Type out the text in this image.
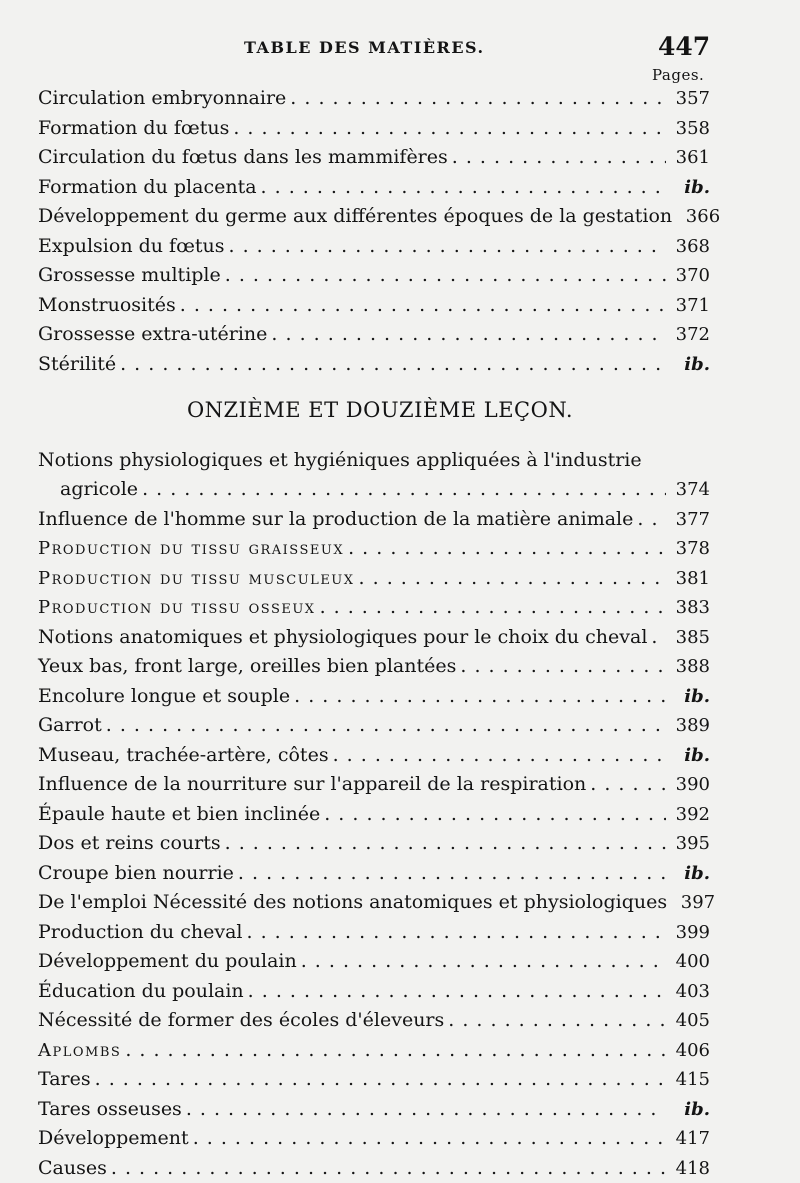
TABLE DES MATIÈRES.	447
Pages.
Circulation embryonnaire . . .	357
Formation du fœtus . . .	358
Circulation du fœtus dans les mammifères . . .	361
Formation du placenta . . .	ib.
Développement du germe aux différentes époques de la gestation 366
Expulsion du fœtus . . .	368
Grossesse multiple . . .	370
Monstruosités . . .	371
Grossesse extra-utérine . . .	372
Stérilité . . .	ib.
ONZIÈME ET DOUZIÈME LEÇON.
Notions physiologiques et hygiéniques appliquées à l'industrie
agricole . . .	374
Influence de l'homme sur la production de la matière animale . . .	377
Production du tissu graisseux . . .	378
Production du tissu musculeux . . .	381
Production du tissu osseux . . .	383
Notions anatomiques et physiologiques pour le choix du cheval . . .	385
Yeux bas, front large, oreilles bien plantées . . .	388
Encolure longue et souple . . .	ib.
Garrot . . .	389
Museau, trachée-artère, côtes . . .	ib.
Influence de la nourriture sur l'appareil de la respiration . . .	390
Épaule haute et bien inclinée . . .	392
Dos et reins courts . . .	395
Croupe bien nourrie . . .	ib.
De l'emploi Nécessité des notions anatomiques et physiologiques 397
Production du cheval . . .	399
Développement du poulain . . .	400
Éducation du poulain . . .	403
Nécessité de former des écoles d'éleveurs . . .	405
Aplombs . . .	406
Tares . . .	415
Tares osseuses . . .	ib.
Développement . . .	417
Causes . . .	418
